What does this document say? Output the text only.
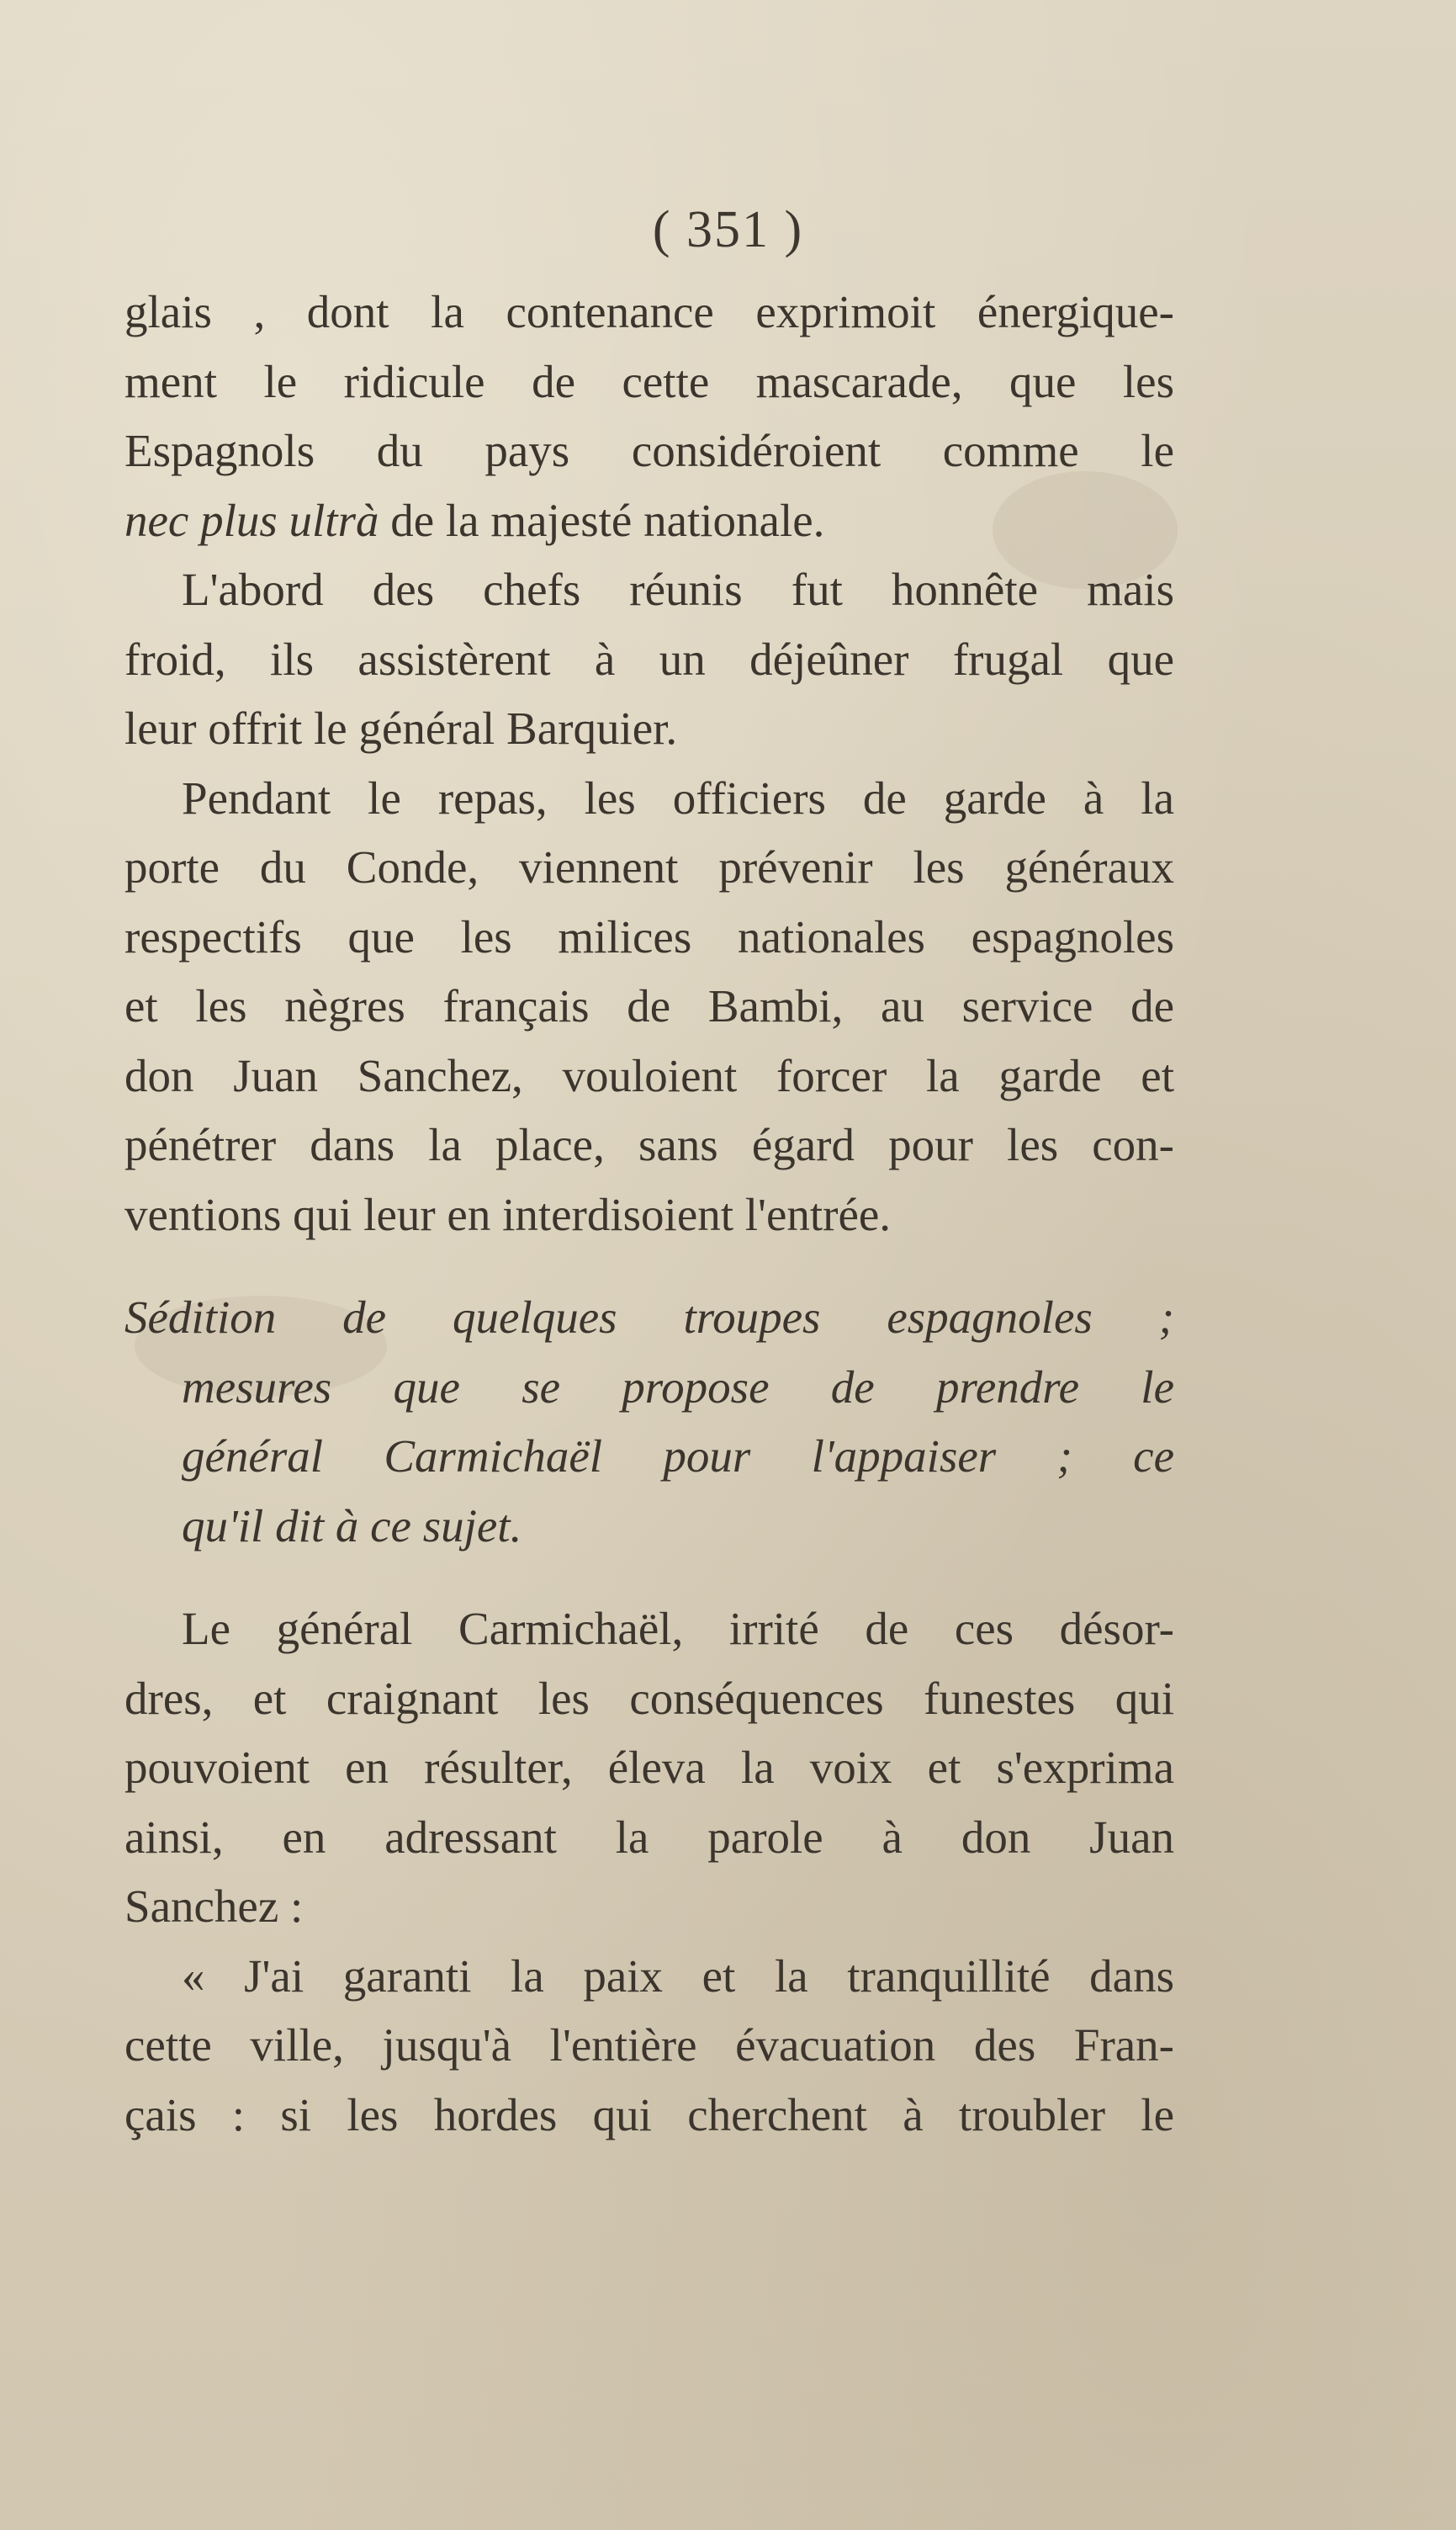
( 351 )
glais , dont la contenance exprimoit énergique-
ment le ridicule de cette mascarade, que les
Espagnols du pays considéroient comme le
nec plus ultrà de la majesté nationale.
L'abord des chefs réunis fut honnête mais
froid, ils assistèrent à un déjeûner frugal que
leur offrit le général Barquier.
Pendant le repas, les officiers de garde à la
porte du Conde, viennent prévenir les généraux
respectifs que les milices nationales espagnoles
et les nègres français de Bambi, au service de
don Juan Sanchez, vouloient forcer la garde et
pénétrer dans la place, sans égard pour les con-
ventions qui leur en interdisoient l'entrée.
Sédition de quelques troupes espagnoles ;
mesures que se propose de prendre le
général Carmichaël pour l'appaiser ; ce
qu'il dit à ce sujet.
Le général Carmichaël, irrité de ces désor-
dres, et craignant les conséquences funestes qui
pouvoient en résulter, éleva la voix et s'exprima
ainsi, en adressant la parole à don Juan
Sanchez :
« J'ai garanti la paix et la tranquillité dans
cette ville, jusqu'à l'entière évacuation des Fran-
çais : si les hordes qui cherchent à troubler le
